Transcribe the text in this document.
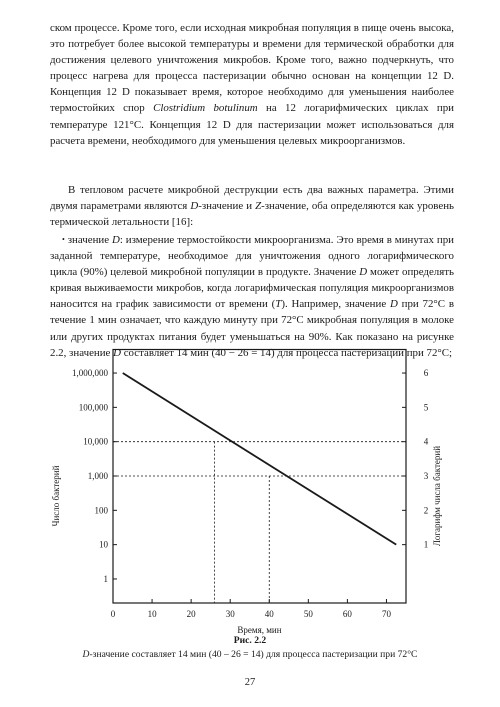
ском процессе. Кроме того, если исходная микробная популяция в пище очень высока, это потребует более высокой температуры и времени для термической обработки для достижения целевого уничтожения микробов. Кроме того, важно подчеркнуть, что процесс нагрева для процесса пастеризации обычно основан на концепции 12 D. Концепция 12 D показывает время, которое необходимо для уменьшения наиболее термостойких спор Clostridium botulinum на 12 логарифмических циклах при температуре 121°C. Концепция 12 D для пастеризации может использоваться для расчета времени, необходимого для уменьшения целевых микроорганизмов.

В тепловом расчете микробной деструкции есть два важных параметра. Этими двумя параметрами являются D-значение и Z-значение, оба определяются как уровень термической летальности [16]:

• значение D: измерение термостойкости микроорганизма. Это время в минутах при заданной температуре, необходимое для уничтожения одного логарифмического цикла (90%) целевой микробной популяции в продукте. Значение D может определять кривая выживаемости микробов, когда логарифмическая популяция микроорганизмов наносится на график зависимости от времени (T). Например, значение D при 72°C в течение 1 мин означает, что каждую минуту при 72°C микробная популяция в молоке или других продуктах питания будет уменьшаться на 90%. Как показано на рисунке 2.2, значение D составляет 14 мин (40 − 26 = 14) для процесса пастеризации при 72°C;

0	10	20	30	40	50	60	70
1
10
100
1,000
10,000
100,000
1,000,000
1
2
3
4
5
6
Время, мин
Число бактерий	Логарифм числа бактерий
Рис. 2.2
D-значение составляет 14 мин (40 – 26 = 14) для процесса пастеризации при 72°C
27
